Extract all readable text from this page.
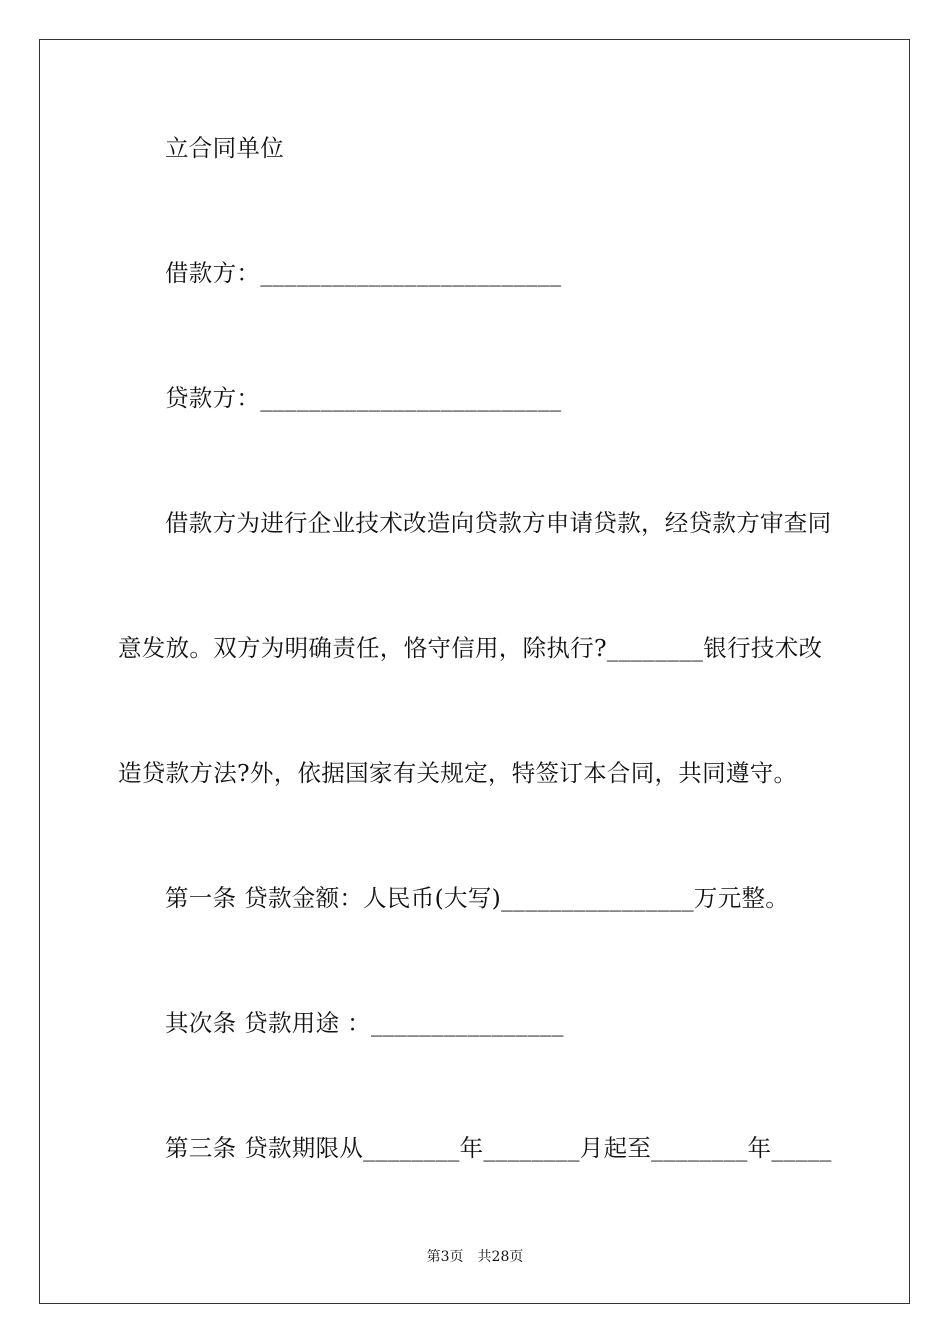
立合同单位
借款方：_________________________
贷款方：_________________________
借款方为进行企业技术改造向贷款方申请贷款，经贷款方审查同
意发放。双方为明确责任，恪守信用，除执行?________银行技术改
造贷款方法?外，依据国家有关规定，特签订本合同，共同遵守。
第一条 贷款金额：人民币(大写)________________万元整。
其次条 贷款用途 ：________________
第三条 贷款期限从________年________月起至________年_____
第3页　共28页
